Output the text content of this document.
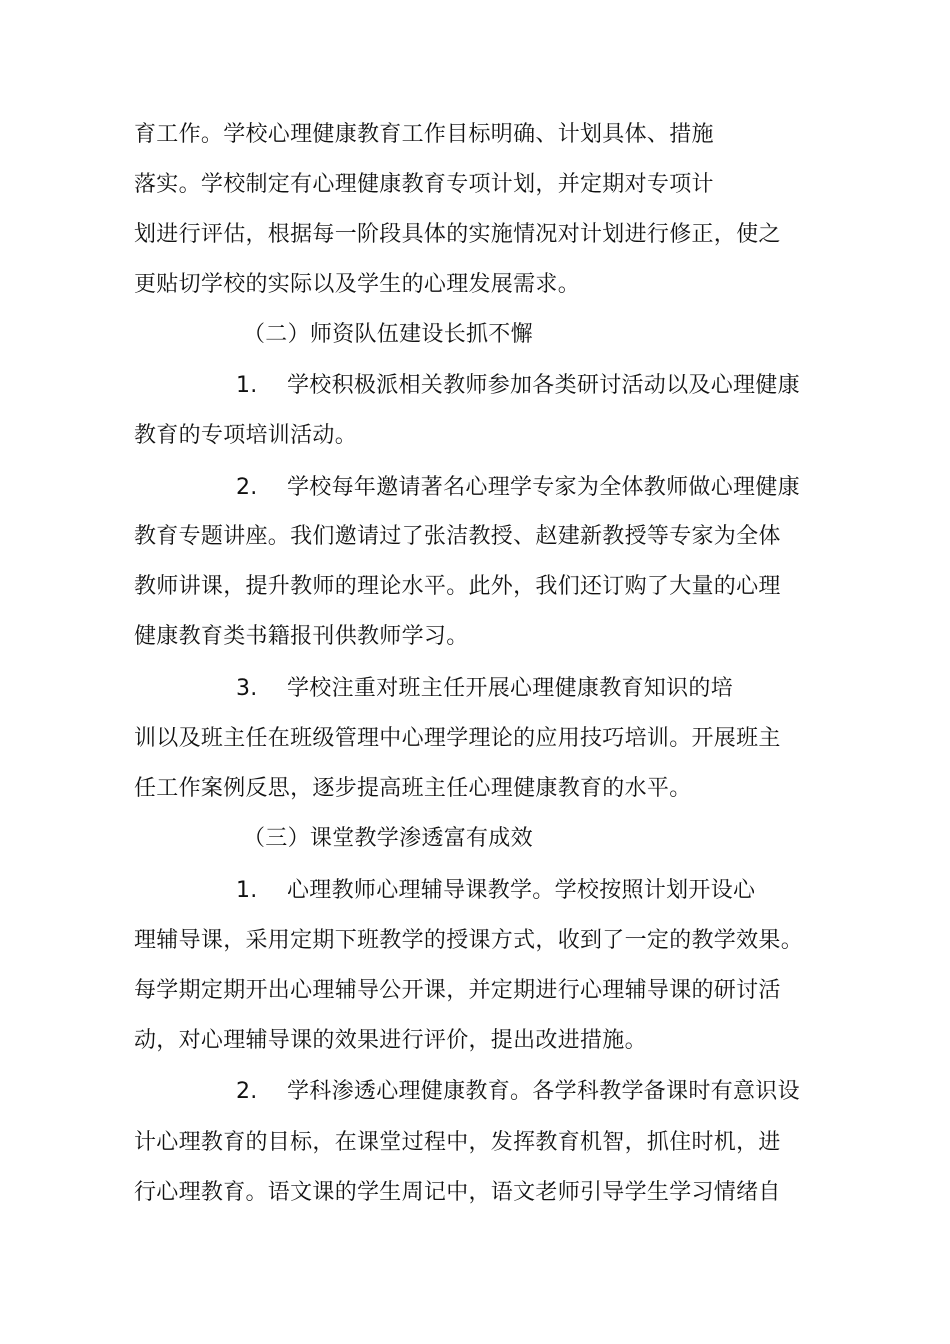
育工作。学校心理健康教育工作目标明确、计划具体、措施
落实。学校制定有心理健康教育专项计划，并定期对专项计
划进行评估，根据每一阶段具体的实施情况对计划进行修正，使之
更贴切学校的实际以及学生的心理发展需求。
（二）师资队伍建设长抓不懈
1. 学校积极派相关教师参加各类研讨活动以及心理健康
教育的专项培训活动。
2. 学校每年邀请著名心理学专家为全体教师做心理健康
教育专题讲座。我们邀请过了张洁教授、赵建新教授等专家为全体
教师讲课，提升教师的理论水平。此外，我们还订购了大量的心理
健康教育类书籍报刊供教师学习。
3. 学校注重对班主任开展心理健康教育知识的培
训以及班主任在班级管理中心理学理论的应用技巧培训。开展班主
任工作案例反思，逐步提高班主任心理健康教育的水平。
（三）课堂教学渗透富有成效
1. 心理教师心理辅导课教学。学校按照计划开设心
理辅导课，采用定期下班教学的授课方式，收到了一定的教学效果。
每学期定期开出心理辅导公开课，并定期进行心理辅导课的研讨活
动，对心理辅导课的效果进行评价，提出改进措施。
2. 学科渗透心理健康教育。各学科教学备课时有意识设
计心理教育的目标，在课堂过程中，发挥教育机智，抓住时机，进
行心理教育。语文课的学生周记中，语文老师引导学生学习情绪自
